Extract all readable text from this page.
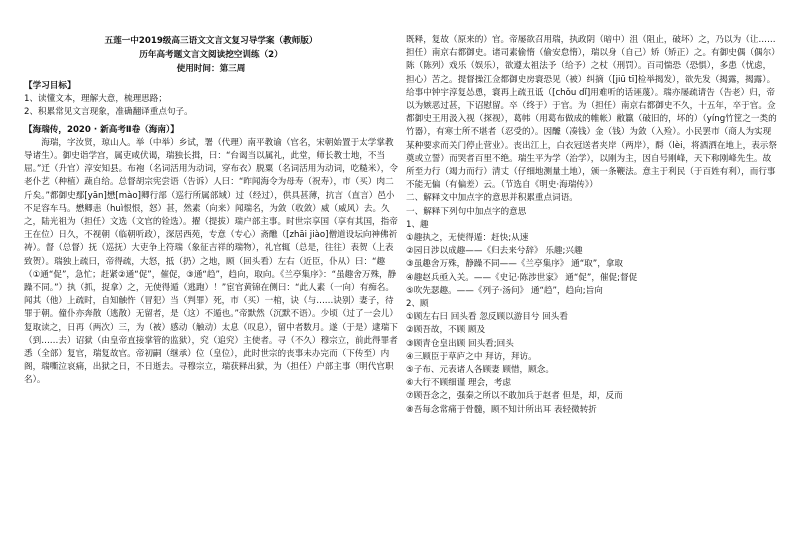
五莲一中2019级高三语文文言文复习导学案（教师版）
历年高考题文言文阅读挖空训练（2）
使用时间：第三周
【学习目标】
1、读懂文本，理解大意，梳理思路；
2、积累常见文言现象，准确翻译重点句子。
【海瑞传，2020 · 新高考Ⅱ卷（海南）】

海瑞，字汝贤，琼山人。举（中举）乡试，署（代理）南平教谕（官名，宋朝始置于太学掌教导诸生）。御史诣学宫，属吏咸伏谒，瑞独长揖，曰：“台谒当以属礼，此堂，师长教士地，不当屈。”迁（升官）淳安知县。布袍（名词活用为动词，穿布衣）脱粟（名词活用为动词，吃糙米），令老仆艺（种植）蔬自给。总督胡宗宪尝语（告诉）人曰：“昨闻海令为母寿（祝寿），市（买）肉二斤矣。”都御史鄢[yān]懋[mào]卿行部（巡行所属部域）过（经过），供具甚薄，抗言（直言）邑小不足容车马。懋卿恚（huì恨恨，怒）甚，然素（向来）闻瑞名，为敛（收敛）威（威风）去。久之，陆光祖为（担任）文选（文官的铨选）。擢（提拔）瑞户部主事。时世宗享国（享有其国，指帝王在位）日久，不视朝（临朝听政），深居西苑，专意（专心）斋醮（[zhāi jiào]僧道设坛向神佛祈祷）。督（总督）抚（巡抚）大吏争上符瑞（象征吉祥的瑞物），礼官辄（总是，往往）表贺（上表致贺）。瑞独上疏曰，帝得疏，大怒，抵（扔）之地，顾（回头看）左右（近臣，仆从）曰：“趣（①通“促”，急忙；赶紧②通“促”，催促，③通“趋”，趋向，取向。《兰亭集序》：“虽趣舍万殊，静躁不同。”）执（抓，捉拿）之，无使得遁（逃跑）！”宦官黄锦在侧曰：“此人素（一向）有痴名。闻其（他）上疏时，自知触忤（冒犯）当（判罪）死，市（买）一棺，诀（与……诀别）妻子，待罪于朝。僮仆亦奔散（逃散）无留者，是（这）不遁也。”帝默然（沉默不语）。少顷（过了一会儿）复取读之，日再（两次）三，为（被）感动（触动）太息（叹息），留中者数月。遂（于是）逮瑞下（到……去）诏狱（由皇帝直接掌管的监狱），究（追究）主使者。寻（不久）穆宗立，前此得罪者悉（全部）复官，瑞复故官。帝初嗣（继承）位（皇位），此时世宗的丧事未办完而（下传至）内阁，瑞嘶泣哀痛，出狱之日，不日逝去。寻穆宗立，瑞获释出狱，为（担任）户部主事（明代官职名）。

既释，复故（原来的）官。帝屡欲召用瑞，执政阴（暗中）沮（阻止，破坏）之，乃以为（让……担任）南京右都御史。诸司素偷惰（偷安怠惰），瑞以身（自己）矫（矫正）之。有御史偶（偶尔）陈（陈列）戏乐（娱乐），欲遵太祖法予（给予）之杖（刑罚）。百司惴恐（恐惧），多患（忧虑，担心）苦之。提督操江佥都御史房寰恐见（被）纠摘（[jiū tī]检举揭发），欲先发（揭露，揭露）。给事中钟宇淳复怂恿，寰再上疏丑诋（[chǒu dǐ]用难听的话诬蔑）。瑞亦屡疏请告（告老）归，帝以为嫉恶过甚，下诏慰留。卒（终于）于官。为（担任）南京右都御史不久，十五年，卒于官。佥都御史王用汲入视（探视），葛帏（用葛布做成的帷帐）敝籝（破旧的，坏的）（yíng竹筐之一类的竹器），有寒士所不堪者（忍受的）。因醵（凑钱）金（钱）为敛（入殓）。小民罢市（商人为实现某种要求而关门停止营业）。丧出江上，白衣冠送者夹岸（两岸），酹（lèi，将酒洒在地上，表示祭奠或立誓）而哭者百里不绝。瑞生平为学（治学），以刚为主，因自号刚峰，天下称刚峰先生。故所至力行（竭力而行）清丈（仔细地测量土地），颁一条鞭法。意主于利民（于百姓有利），而行事不能无偏（有偏差）云。（节选自《明史·海瑞传》）

二、解释文中加点字的意思并积累重点词语。
一、解释下列句中加点字的意思
1、趣
①趣执之，无使得遁：赶快;从速
②园日涉以成趣——《归去来兮辞》 乐趣;兴趣
③虽趣舍万殊，静躁不同——《兰亭集序》 通“取”，拿取
④趣赵兵亟入关。——《史记·陈涉世家》 通“促”，催促;督促
⑤吹先瑟趣。——《列子·汤问》 通“趋”，趋向;旨向
2、顾
①顾左右曰 回头看 忽反顾以游目兮 回头看
②顾吾故，不顾 顾及
③顾青仓皇出顾 回头看;回头
④三顾臣于草庐之中 拜访，拜访。
⑤子布、元表诸人各顾妻 顾惜，顾念。
⑥大行不顾细谨 理会，考虑
⑦顾吾念之，强秦之所以不敢加兵于赵者 但是，却，反而
⑧吾每念常痛于骨髓，顾不知计所出耳 表轻微转折
